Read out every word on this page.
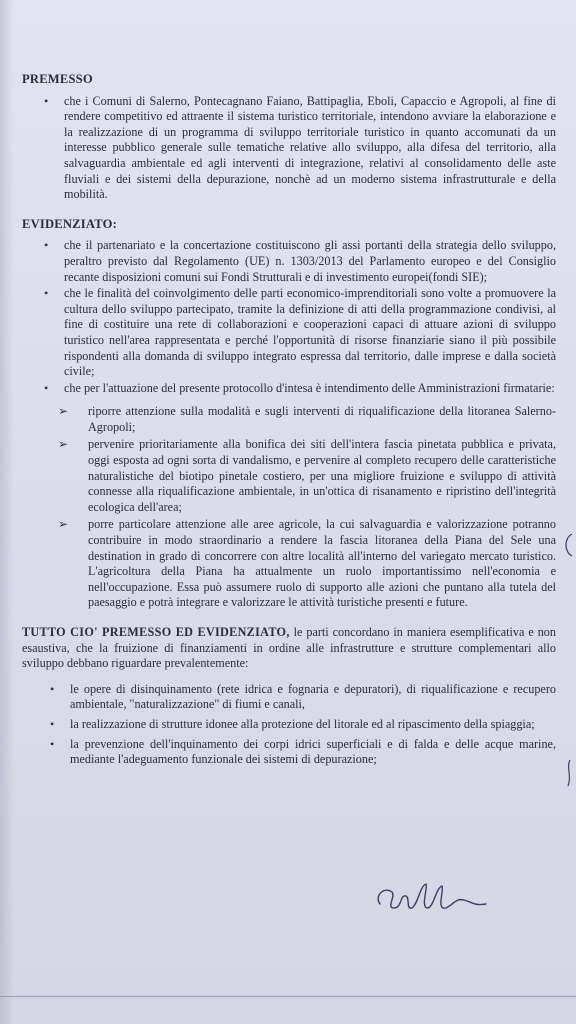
PREMESSO
• che i Comuni di Salerno, Pontecagnano Faiano, Battipaglia, Eboli, Capaccio e Agropoli, al fine di rendere competitivo ed attraente il sistema turistico territoriale, intendono avviare la elaborazione e la realizzazione di un programma di sviluppo territoriale turistico in quanto accomunati da un interesse pubblico generale sulle tematiche relative allo sviluppo, alla difesa del territorio, alla salvaguardia ambientale ed agli interventi di integrazione, relativi al consolidamento delle aste fluviali e dei sistemi della depurazione, nonchè ad un moderno sistema infrastrutturale e della mobilità.
EVIDENZIATO:
• che il partenariato e la concertazione costituiscono gli assi portanti della strategia dello sviluppo, peraltro previsto dal Regolamento (UE) n. 1303/2013 del Parlamento europeo e del Consiglio recante disposizioni comuni sui Fondi Strutturali e di investimento europei(fondi SIE);
• che le finalità del coinvolgimento delle parti economico-imprenditoriali sono volte a promuovere la cultura dello sviluppo partecipato, tramite la definizione di atti della programmazione condivisi, al fine di costituire una rete di collaborazioni e cooperazioni capaci di attuare azioni di sviluppo turistico nell'area rappresentata e perché l'opportunità di risorse finanziarie siano il più possibile rispondenti alla domanda di sviluppo integrato espressa dal territorio, dalle imprese e dalla società civile;
• che per l'attuazione del presente protocollo d'intesa è intendimento delle Amministrazioni firmatarie:
➢ riporre attenzione sulla modalità e sugli interventi di riqualificazione della litoranea Salerno-Agropoli;
➢ pervenire prioritariamente alla bonifica dei siti dell'intera fascia pinetata pubblica e privata, oggi esposta ad ogni sorta di vandalismo, e pervenire al completo recupero delle caratteristiche naturalistiche del biotipo pinetale costiero, per una migliore fruizione e sviluppo di attività connesse alla riqualificazione ambientale, in un'ottica di risanamento e ripristino dell'integrità ecologica dell'area;
➢ porre particolare attenzione alle aree agricole, la cui salvaguardia e valorizzazione potranno contribuire in modo straordinario a rendere la fascia litoranea della Piana del Sele una destination in grado di concorrere con altre località all'interno del variegato mercato turistico. L'agricoltura della Piana ha attualmente un ruolo importantissimo nell'economia e nell'occupazione. Essa può assumere ruolo di supporto alle azioni che puntano alla tutela del paesaggio e potrà integrare e valorizzare le attività turistiche presenti e future.
TUTTO CIO' PREMESSO ED EVIDENZIATO, le parti concordano in maniera esemplificativa e non esaustiva, che la fruizione di finanziamenti in ordine alle infrastrutture e strutture complementari allo sviluppo debbano riguardare prevalentemente:
• le opere di disinquinamento (rete idrica e fognaria e depuratori), di riqualificazione e recupero ambientale, "naturalizzazione" di fiumi e canali,
• la realizzazione di strutture idonee alla protezione del litorale ed al ripascimento della spiaggia;
• la prevenzione dell'inquinamento dei corpi idrici superficiali e di falda e delle acque marine, mediante l'adeguamento funzionale dei sistemi di depurazione;
